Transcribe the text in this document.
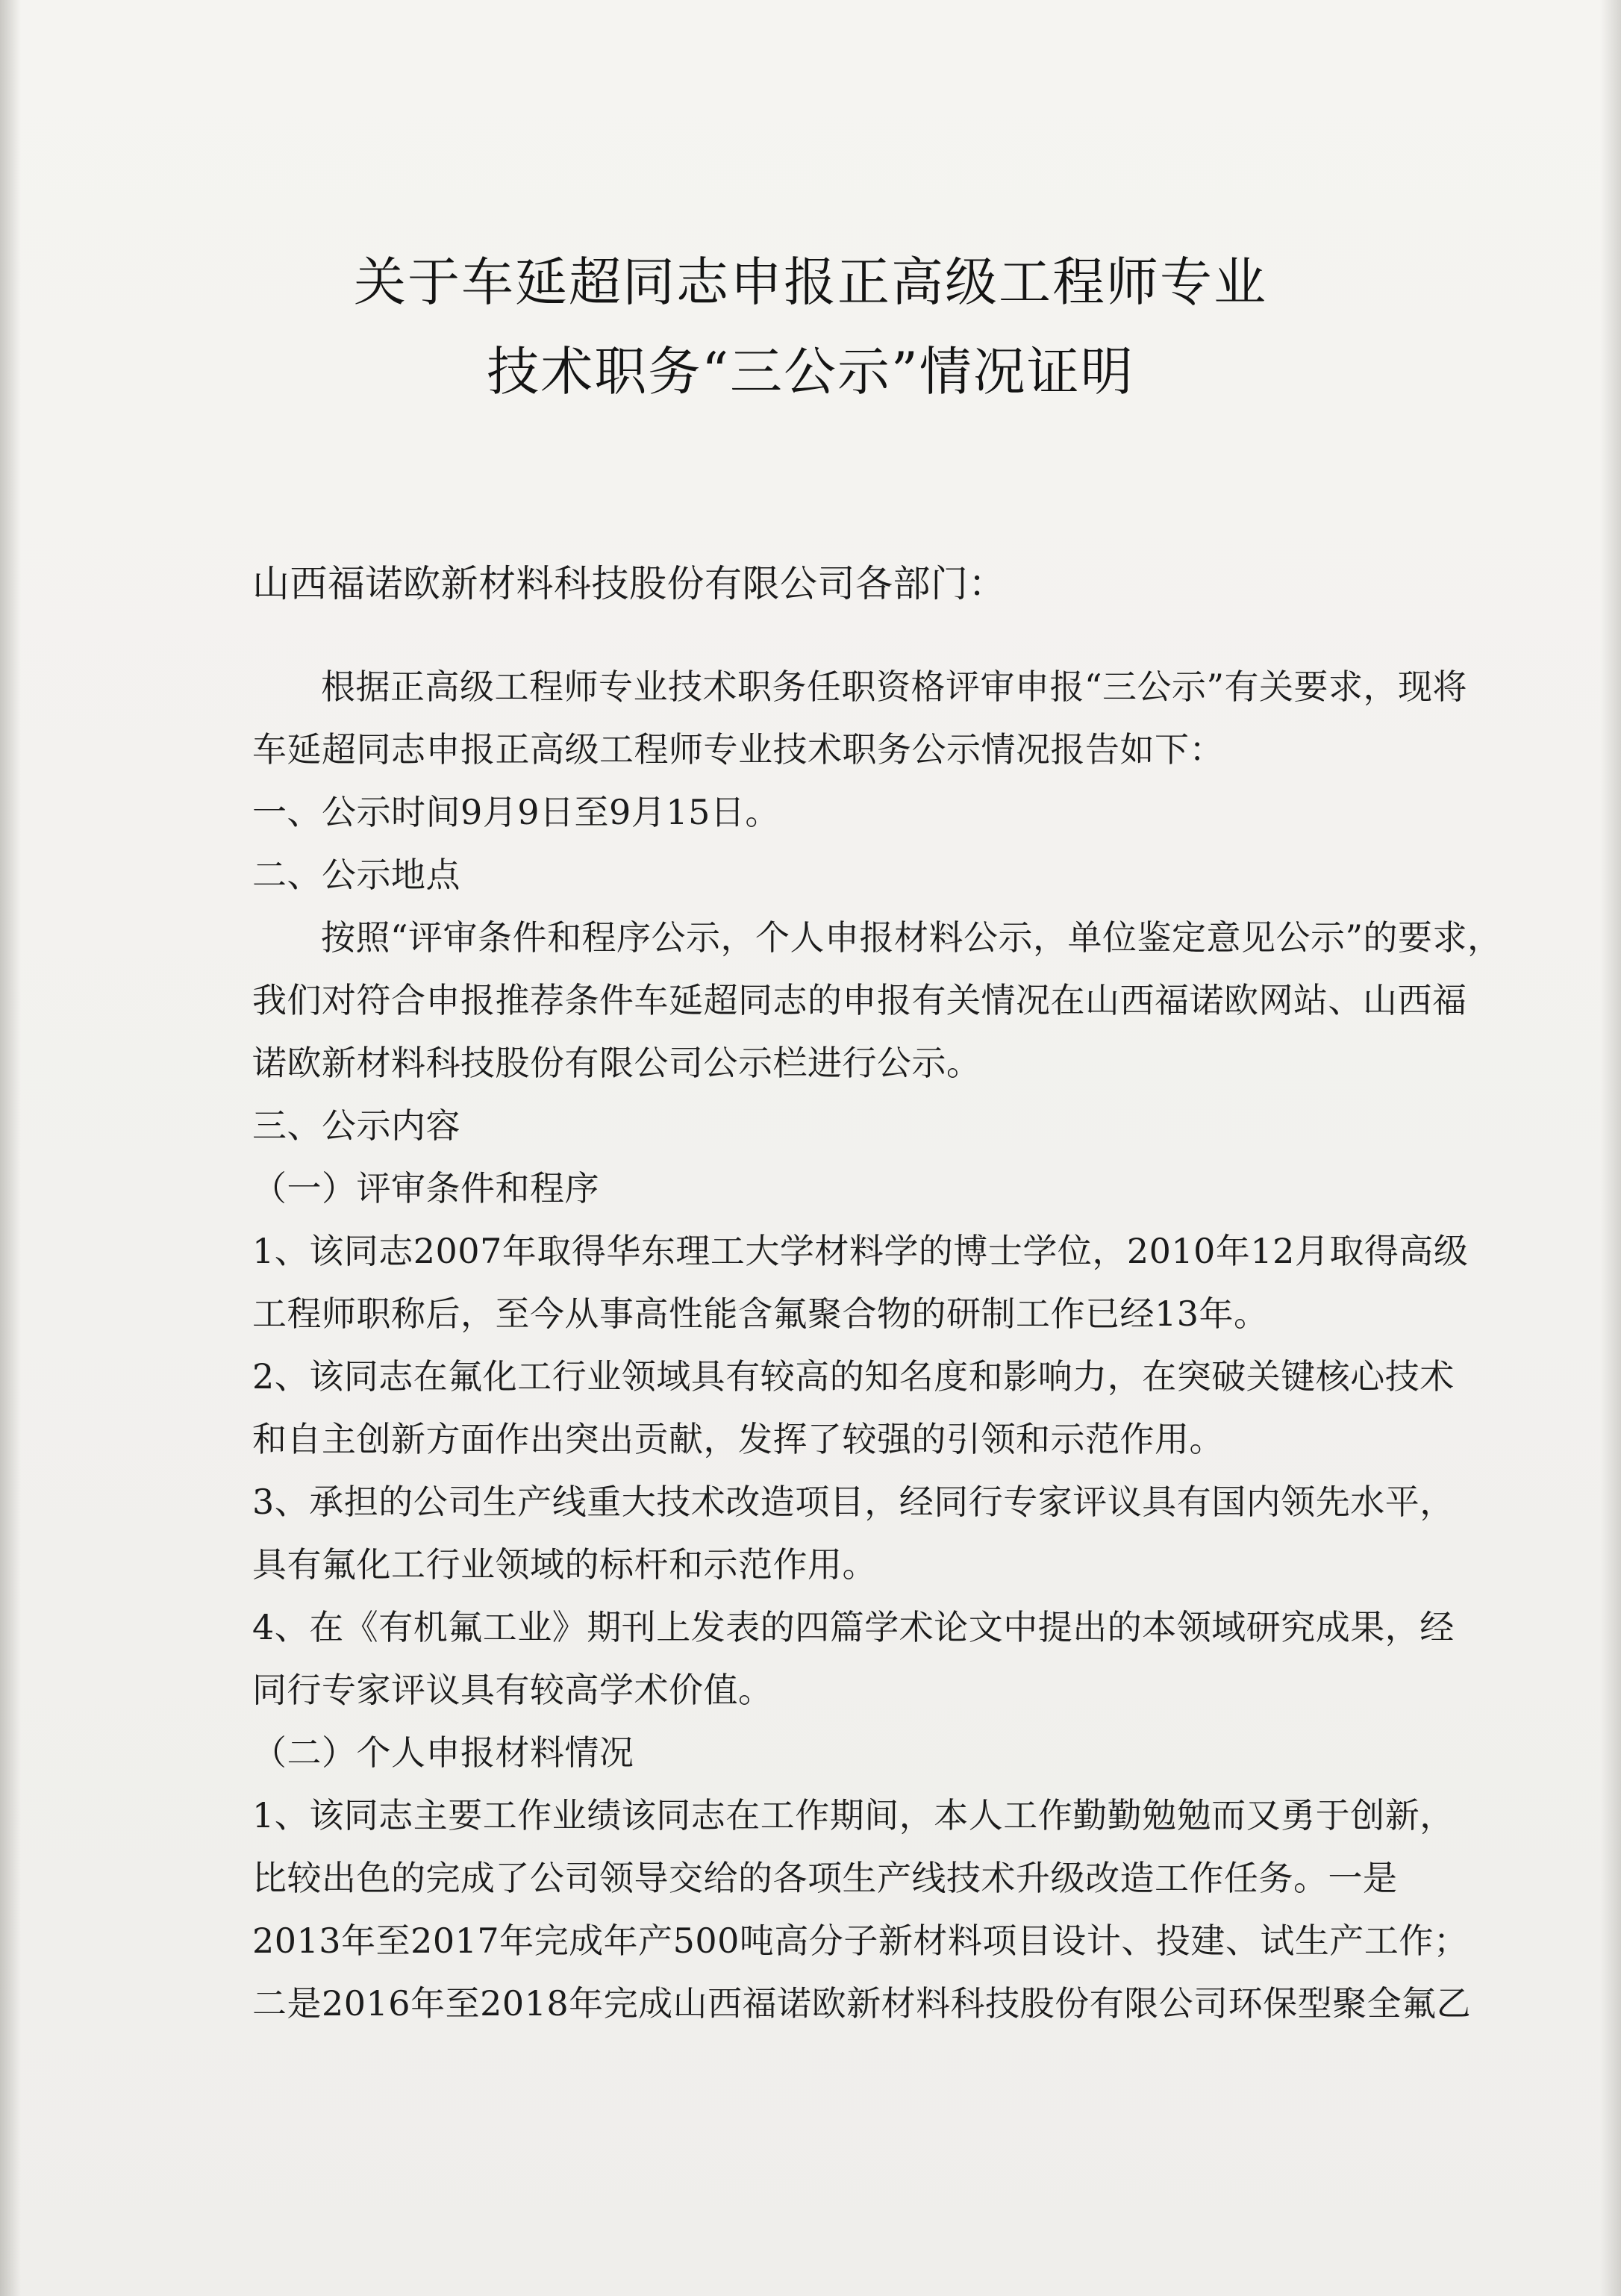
关于车延超同志申报正高级工程师专业
技术职务“三公示”情况证明
山西福诺欧新材料科技股份有限公司各部门：
根据正高级工程师专业技术职务任职资格评审申报“三公示”有关要求，现将
车延超同志申报正高级工程师专业技术职务公示情况报告如下：
一、公示时间9月9日至9月15日。
二、公示地点
按照“评审条件和程序公示，个人申报材料公示，单位鉴定意见公示”的要求，
我们对符合申报推荐条件车延超同志的申报有关情况在山西福诺欧网站、山西福
诺欧新材料科技股份有限公司公示栏进行公示。
三、公示内容
（一）评审条件和程序
1、该同志2007年取得华东理工大学材料学的博士学位，2010年12月取得高级
工程师职称后，至今从事高性能含氟聚合物的研制工作已经13年。
2、该同志在氟化工行业领域具有较高的知名度和影响力，在突破关键核心技术
和自主创新方面作出突出贡献，发挥了较强的引领和示范作用。
3、承担的公司生产线重大技术改造项目，经同行专家评议具有国内领先水平，
具有氟化工行业领域的标杆和示范作用。
4、在《有机氟工业》期刊上发表的四篇学术论文中提出的本领域研究成果，经
同行专家评议具有较高学术价值。
（二）个人申报材料情况
1、该同志主要工作业绩该同志在工作期间，本人工作勤勤勉勉而又勇于创新，
比较出色的完成了公司领导交给的各项生产线技术升级改造工作任务。一是
2013年至2017年完成年产500吨高分子新材料项目设计、投建、试生产工作；
二是2016年至2018年完成山西福诺欧新材料科技股份有限公司环保型聚全氟乙
